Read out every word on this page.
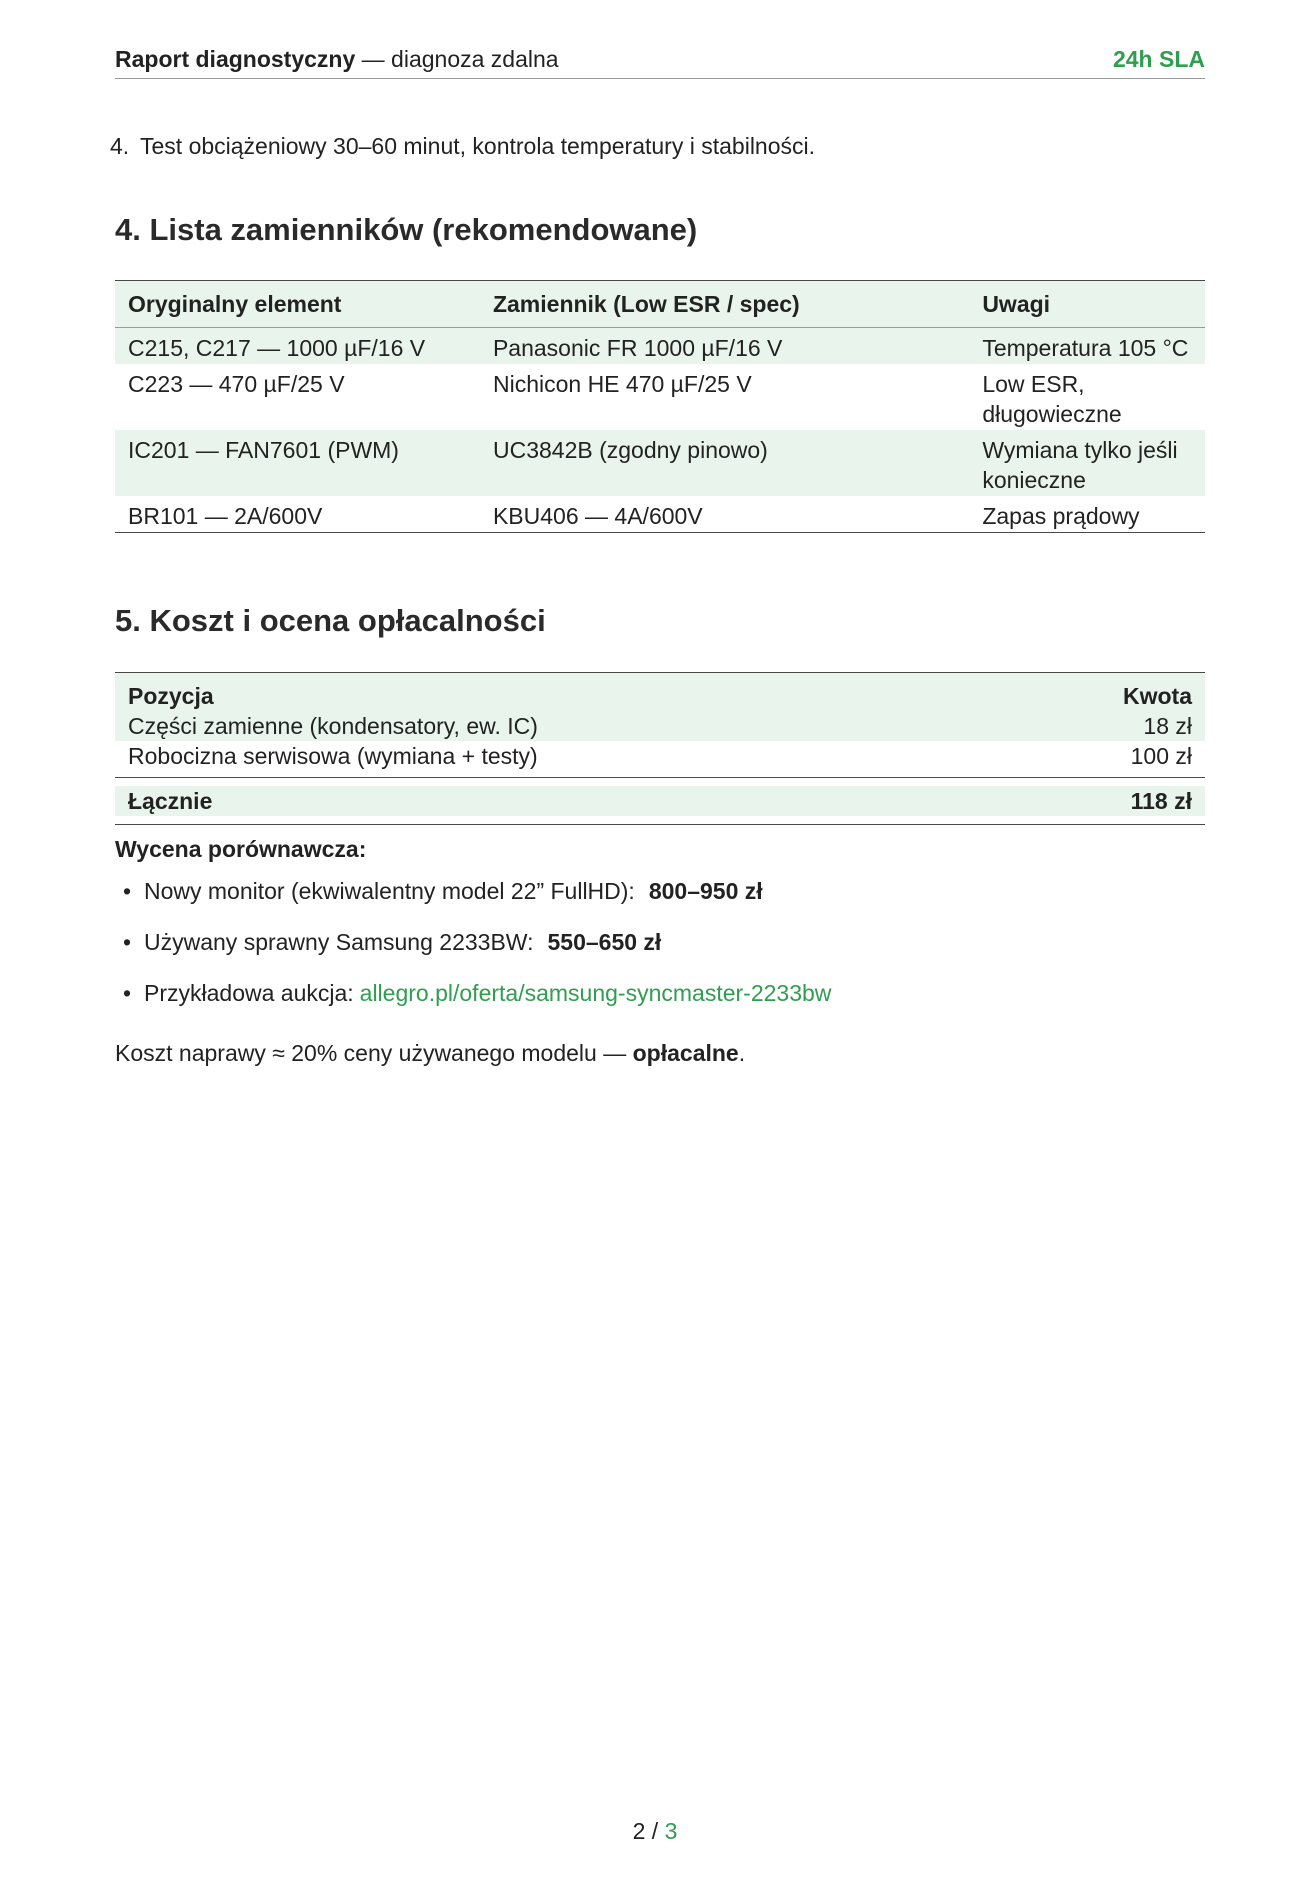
Raport diagnostyczny — diagnoza zdalna	24h SLA
4. Test obciążeniowy 30–60 minut, kontrola temperatury i stabilności.
4. Lista zamienników (rekomendowane)
Oryginalny element	Zamiennik (Low ESR / spec)	Uwagi
C215, C217 — 1000 µF/16 V	Panasonic FR 1000 µF/16 V	Temperatura 105 °C
C223 — 470 µF/25 V	Nichicon HE 470 µF/25 V	Low ESR, długowieczne
IC201 — FAN7601 (PWM)	UC3842B (zgodny pinowo)	Wymiana tylko jeśli konieczne
BR101 — 2A/600V	KBU406 — 4A/600V	Zapas prądowy
5. Koszt i ocena opłacalności
Pozycja	Kwota
Części zamienne (kondensatory, ew. IC)	18 zł
Robocizna serwisowa (wymiana + testy)	100 zł

Łącznie	118 zł
Wycena porównawcza:
• Nowy monitor (ekwiwalentny model 22” FullHD): 800–950 zł
• Używany sprawny Samsung 2233BW: 550–650 zł
• Przykładowa aukcja: allegro.pl/oferta/samsung-syncmaster-2233bw
Koszt naprawy ≈ 20% ceny używanego modelu — opłacalne.
2 / 3
